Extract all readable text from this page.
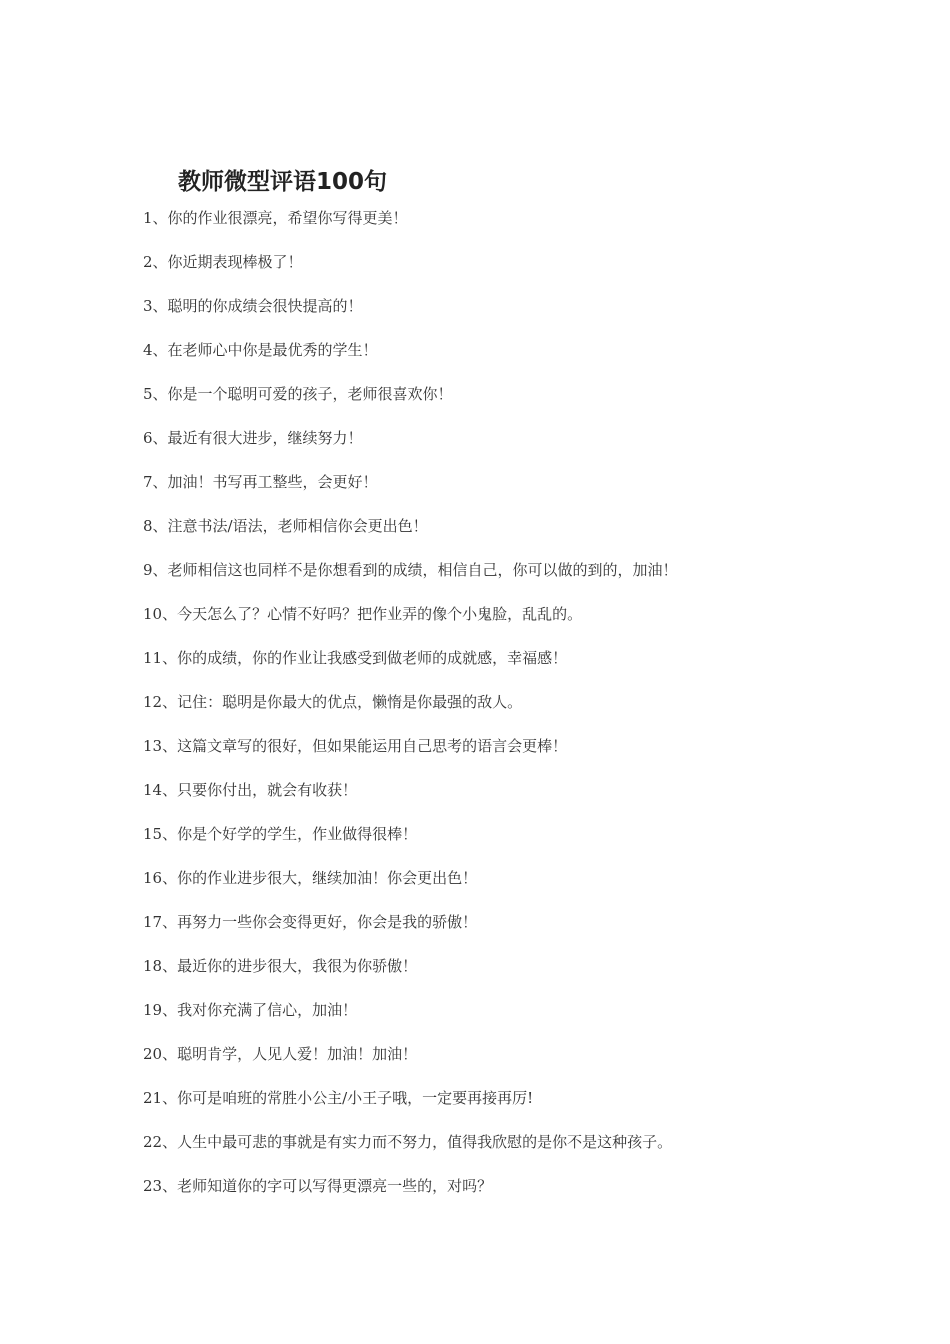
教师微型评语100句
1、你的作业很漂亮，希望你写得更美！
2、你近期表现棒极了！
3、聪明的你成绩会很快提高的！
4、在老师心中你是最优秀的学生！
5、你是一个聪明可爱的孩子，老师很喜欢你！
6、最近有很大进步，继续努力！
7、加油！书写再工整些，会更好！
8、注意书法/语法，老师相信你会更出色！
9、老师相信这也同样不是你想看到的成绩，相信自己，你可以做的到的，加油！
10、今天怎么了？心情不好吗？把作业弄的像个小鬼脸，乱乱的。
11、你的成绩，你的作业让我感受到做老师的成就感，幸福感！
12、记住：聪明是你最大的优点，懒惰是你最强的敌人。
13、这篇文章写的很好，但如果能运用自己思考的语言会更棒！
14、只要你付出，就会有收获！
15、你是个好学的学生，作业做得很棒！
16、你的作业进步很大，继续加油！你会更出色！
17、再努力一些你会变得更好，你会是我的骄傲！
18、最近你的进步很大，我很为你骄傲！
19、我对你充满了信心，加油！
20、聪明肯学，人见人爱！加油！加油！
21、你可是咱班的常胜小公主/小王子哦，一定要再接再厉!
22、人生中最可悲的事就是有实力而不努力，值得我欣慰的是你不是这种孩子。
23、老师知道你的字可以写得更漂亮一些的，对吗？
